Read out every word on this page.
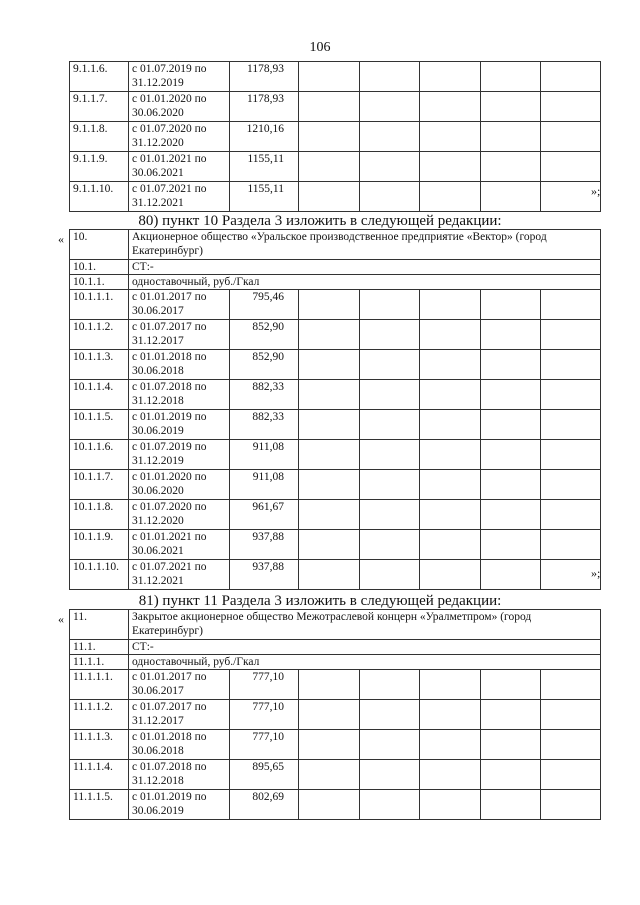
106
9.1.1.6.	с 01.07.2019 по 31.12.2019	1178,93					
9.1.1.7.	с 01.01.2020 по 30.06.2020	1178,93					
9.1.1.8.	с 01.07.2020 по 31.12.2020	1210,16					
9.1.1.9.	с 01.01.2021 по 30.06.2021	1155,11					
9.1.1.10.	с 01.07.2021 по 31.12.2021	1155,11						»;
80) пункт 10 Раздела 3 изложить в следующей редакции:
« 10.	Акционерное общество «Уральское производственное предприятие «Вектор» (город Екатеринбург)						
10.1.	СТ:-						
10.1.1.	одноставочный, руб./Гкал						
10.1.1.1.	с 01.01.2017 по 30.06.2017	795,46					
10.1.1.2.	с 01.07.2017 по 31.12.2017	852,90					
10.1.1.3.	с 01.01.2018 по 30.06.2018	852,90					
10.1.1.4.	с 01.07.2018 по 31.12.2018	882,33					
10.1.1.5.	с 01.01.2019 по 30.06.2019	882,33					
10.1.1.6.	с 01.07.2019 по 31.12.2019	911,08					
10.1.1.7.	с 01.01.2020 по 30.06.2020	911,08					
10.1.1.8.	с 01.07.2020 по 31.12.2020	961,67					
10.1.1.9.	с 01.01.2021 по 30.06.2021	937,88					
10.1.1.10.	с 01.07.2021 по 31.12.2021	937,88						»;
81) пункт 11 Раздела 3 изложить в следующей редакции:
« 11.	Закрытое акционерное общество Межотраслевой концерн «Уралметпром» (город Екатеринбург)						
11.1.	СТ:-						
11.1.1.	одноставочный, руб./Гкал						
11.1.1.1.	с 01.01.2017 по 30.06.2017	777,10					
11.1.1.2.	с 01.07.2017 по 31.12.2017	777,10					
11.1.1.3.	с 01.01.2018 по 30.06.2018	777,10					
11.1.1.4.	с 01.07.2018 по 31.12.2018	895,65					
11.1.1.5.	с 01.01.2019 по 30.06.2019	802,69					
